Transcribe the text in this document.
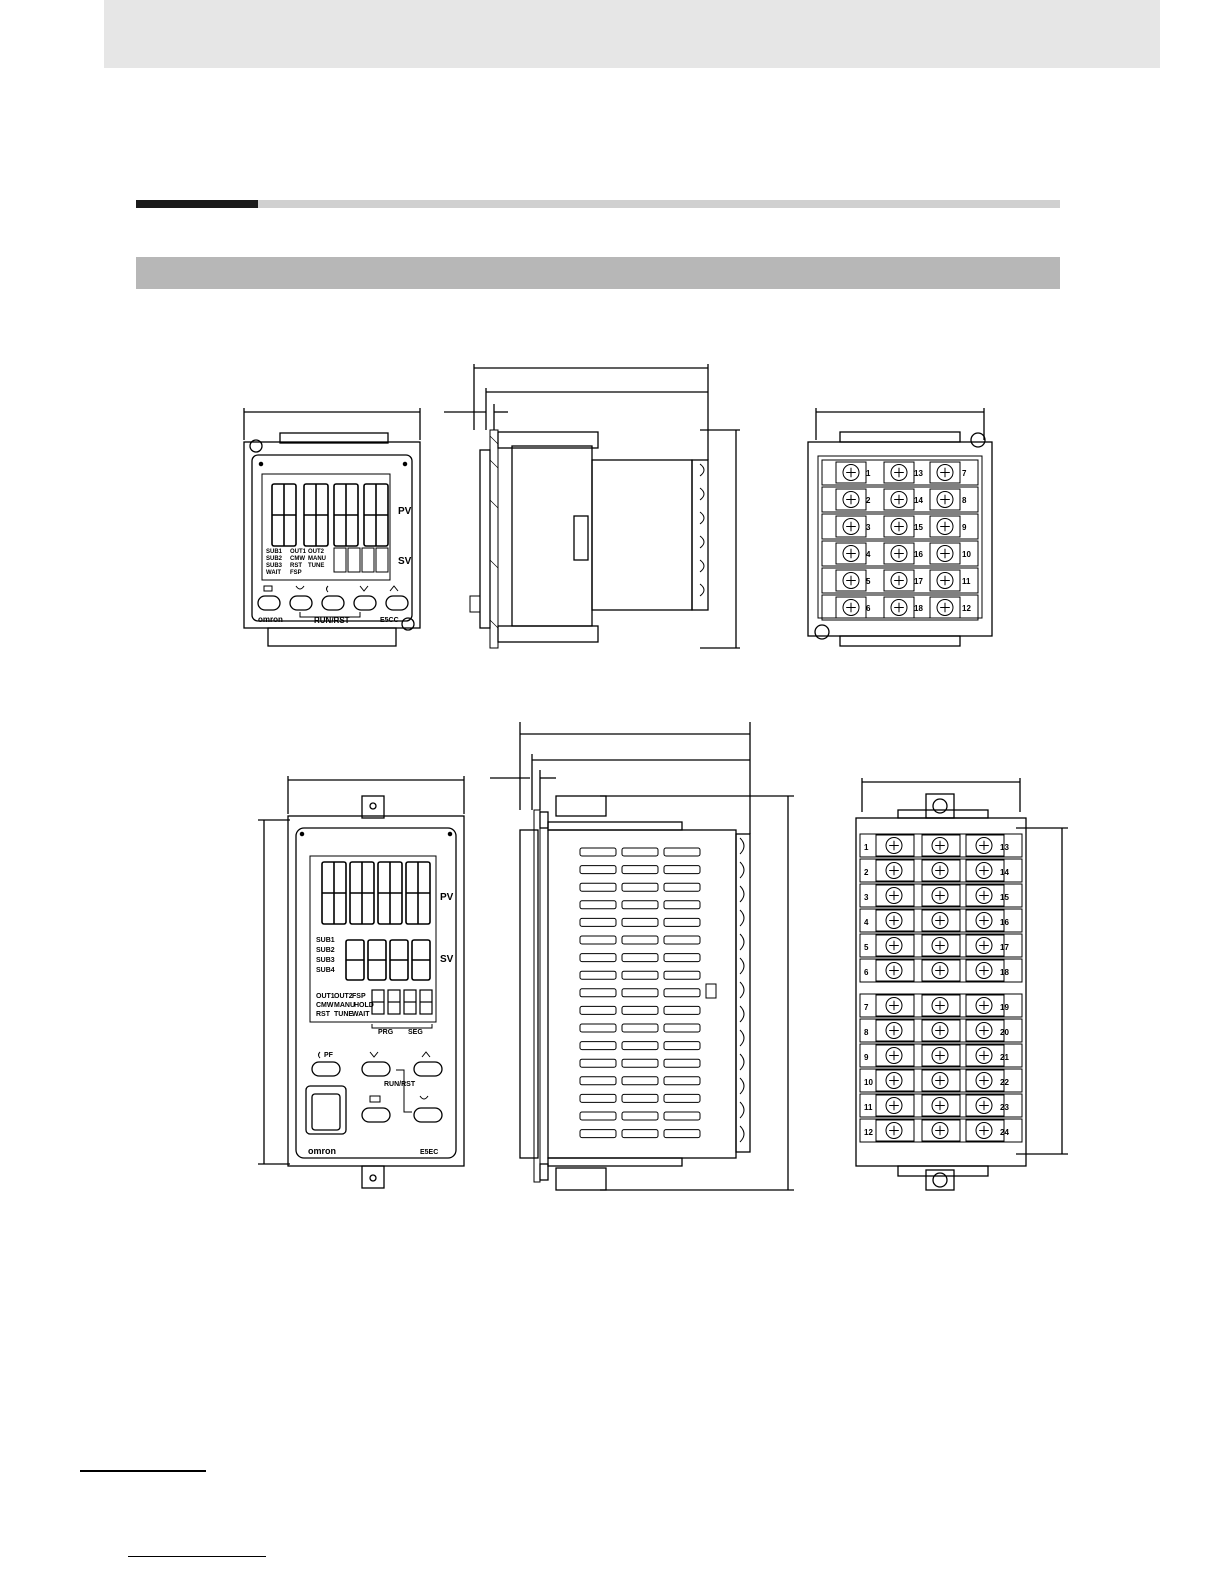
PV
SV
SUB1 OUT1 OUT2
SUB2 CMW MANU
SUB3 RST TUNE
WAIT FSP
omron	RUN/RST	E5CC
1	13	7
2	14	8
3	15	9
4	16	10
5	17	11
6	18	12
PV
SV
SUB1
SUB2
SUB3
SUB4
OUT1 OUT2 FSP
CMW MANU HOLD
RST TUNE
WAIT
PRG SEG
PF
RUN/RST
omron	E5EC
1	13
2	14
3	15
4	16
5	17
6	18
7	19
8	20
9	21
10	22
11	23
12	24
